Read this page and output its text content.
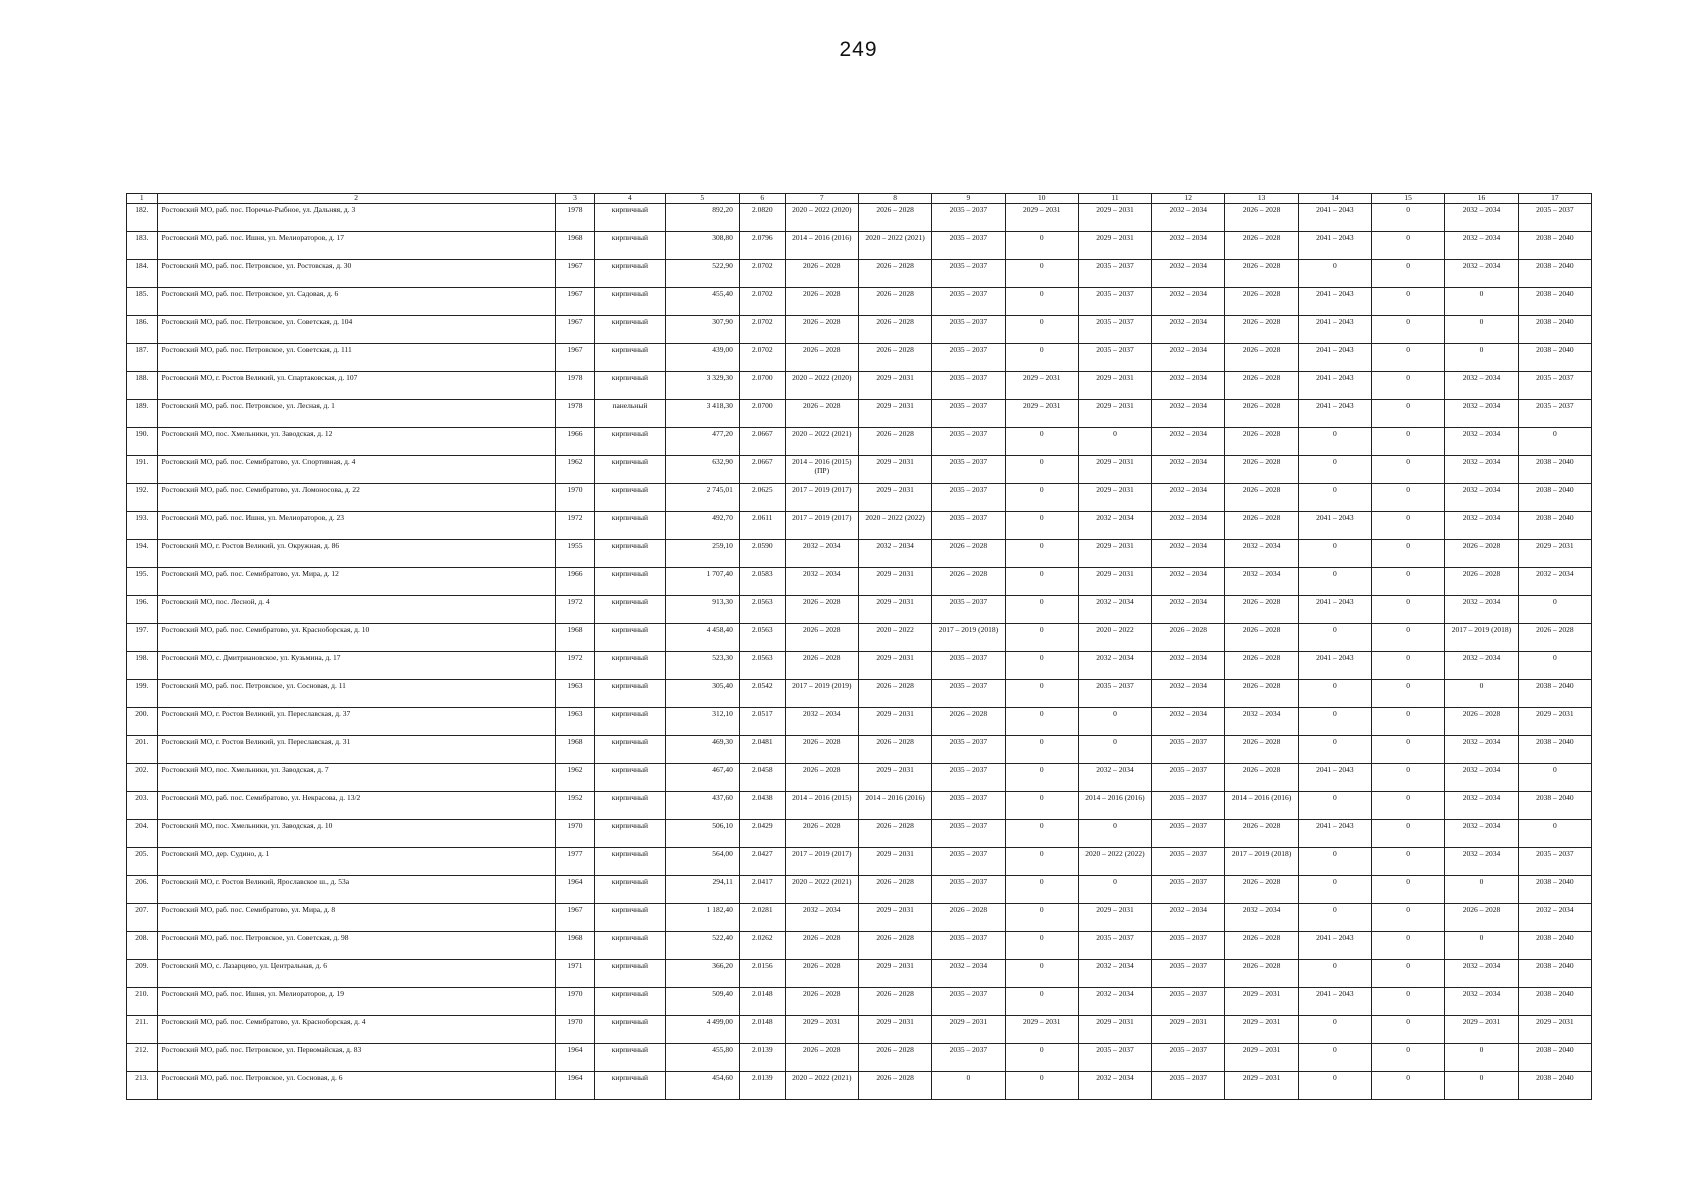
249
1	2	3	4	5	6	7	8	9	10	11	12	13	14	15	16	17

182.	Ростовский МО, раб. пос. Поречье-Рыбное, ул. Дальняя, д. 3	1978	кирпичный	892,20	2.0820	2020 – 2022 (2020)	2026 – 2028	2035 – 2037	2029 – 2031	2029 – 2031	2032 – 2034	2026 – 2028	2041 – 2043	0	2032 – 2034	2035 – 2037

183.	Ростовский МО, раб. пос. Ишня, ул. Мелиораторов, д. 17	1968	кирпичный	308,80	2.0796	2014 – 2016 (2016)	2020 – 2022 (2021)	2035 – 2037	0	2029 – 2031	2032 – 2034	2026 – 2028	2041 – 2043	0	2032 – 2034	2038 – 2040

184.	Ростовский МО, раб. пос. Петровское, ул. Ростовская, д. 30	1967	кирпичный	522,90	2.0702	2026 – 2028	2026 – 2028	2035 – 2037	0	2035 – 2037	2032 – 2034	2026 – 2028	0	0	2032 – 2034	2038 – 2040

185.	Ростовский МО, раб. пос. Петровское, ул. Садовая, д. 6	1967	кирпичный	455,40	2.0702	2026 – 2028	2026 – 2028	2035 – 2037	0	2035 – 2037	2032 – 2034	2026 – 2028	2041 – 2043	0	0	2038 – 2040

186.	Ростовский МО, раб. пос. Петровское, ул. Советская, д. 104	1967	кирпичный	307,90	2.0702	2026 – 2028	2026 – 2028	2035 – 2037	0	2035 – 2037	2032 – 2034	2026 – 2028	2041 – 2043	0	0	2038 – 2040

187.	Ростовский МО, раб. пос. Петровское, ул. Советская, д. 111	1967	кирпичный	439,00	2.0702	2026 – 2028	2026 – 2028	2035 – 2037	0	2035 – 2037	2032 – 2034	2026 – 2028	2041 – 2043	0	0	2038 – 2040

188.	Ростовский МО, г. Ростов Великий, ул. Спартаковская, д. 107	1978	кирпичный	3 329,30	2.0700	2020 – 2022 (2020)	2029 – 2031	2035 – 2037	2029 – 2031	2029 – 2031	2032 – 2034	2026 – 2028	2041 – 2043	0	2032 – 2034	2035 – 2037

189.	Ростовский МО, раб. пос. Петровское, ул. Лесная, д. 1	1978	панельный	3 418,30	2.0700	2026 – 2028	2029 – 2031	2035 – 2037	2029 – 2031	2029 – 2031	2032 – 2034	2026 – 2028	2041 – 2043	0	2032 – 2034	2035 – 2037

190.	Ростовский МО, пос. Хмельники, ул. Заводская, д. 12	1966	кирпичный	477,20	2.0667	2020 – 2022 (2021)	2026 – 2028	2035 – 2037	0	0	2032 – 2034	2026 – 2028	0	0	2032 – 2034	0

191.	Ростовский МО, раб. пос. Семибратово, ул. Спортивная, д. 4	1962	кирпичный	632,90	2.0667	2014 – 2016 (2015) (ПР)	2029 – 2031	2035 – 2037	0	2029 – 2031	2032 – 2034	2026 – 2028	0	0	2032 – 2034	2038 – 2040

192.	Ростовский МО, раб. пос. Семибратово, ул. Ломоносова, д. 22	1970	кирпичный	2 745,01	2.0625	2017 – 2019 (2017)	2029 – 2031	2035 – 2037	0	2029 – 2031	2032 – 2034	2026 – 2028	0	0	2032 – 2034	2038 – 2040

193.	Ростовский МО, раб. пос. Ишня, ул. Мелиораторов, д. 23	1972	кирпичный	492,70	2.0611	2017 – 2019 (2017)	2020 – 2022 (2022)	2035 – 2037	0	2032 – 2034	2032 – 2034	2026 – 2028	2041 – 2043	0	2032 – 2034	2038 – 2040

194.	Ростовский МО, г. Ростов Великий, ул. Окружная, д. 86	1955	кирпичный	259,10	2.0590	2032 – 2034	2032 – 2034	2026 – 2028	0	2029 – 2031	2032 – 2034	2032 – 2034	0	0	2026 – 2028	2029 – 2031

195.	Ростовский МО, раб. пос. Семибратово, ул. Мира, д. 12	1966	кирпичный	1 707,40	2.0583	2032 – 2034	2029 – 2031	2026 – 2028	0	2029 – 2031	2032 – 2034	2032 – 2034	0	0	2026 – 2028	2032 – 2034

196.	Ростовский МО, пос. Лесной, д. 4	1972	кирпичный	913,30	2.0563	2026 – 2028	2029 – 2031	2035 – 2037	0	2032 – 2034	2032 – 2034	2026 – 2028	2041 – 2043	0	2032 – 2034	0

197.	Ростовский МО, раб. пос. Семибратово, ул. Красноборская, д. 10	1968	кирпичный	4 458,40	2.0563	2026 – 2028	2020 – 2022	2017 – 2019 (2018)	0	2020 – 2022	2026 – 2028	2026 – 2028	0	0	2017 – 2019 (2018)	2026 – 2028

198.	Ростовский МО, с. Дмитриановское, ул. Кузьмина, д. 17	1972	кирпичный	523,30	2.0563	2026 – 2028	2029 – 2031	2035 – 2037	0	2032 – 2034	2032 – 2034	2026 – 2028	2041 – 2043	0	2032 – 2034	0

199.	Ростовский МО, раб. пос. Петровское, ул. Сосновая, д. 11	1963	кирпичный	305,40	2.0542	2017 – 2019 (2019)	2026 – 2028	2035 – 2037	0	2035 – 2037	2032 – 2034	2026 – 2028	0	0	0	2038 – 2040

200.	Ростовский МО, г. Ростов Великий, ул. Переславская, д. 37	1963	кирпичный	312,10	2.0517	2032 – 2034	2029 – 2031	2026 – 2028	0	0	2032 – 2034	2032 – 2034	0	0	2026 – 2028	2029 – 2031

201.	Ростовский МО, г. Ростов Великий, ул. Переславская, д. 31	1968	кирпичный	469,30	2.0481	2026 – 2028	2026 – 2028	2035 – 2037	0	0	2035 – 2037	2026 – 2028	0	0	2032 – 2034	2038 – 2040

202.	Ростовский МО, пос. Хмельники, ул. Заводская, д. 7	1962	кирпичный	467,40	2.0458	2026 – 2028	2029 – 2031	2035 – 2037	0	2032 – 2034	2035 – 2037	2026 – 2028	2041 – 2043	0	2032 – 2034	0

203.	Ростовский МО, раб. пос. Семибратово, ул. Некрасова, д. 13/2	1952	кирпичный	437,60	2.0438	2014 – 2016 (2015)	2014 – 2016 (2016)	2035 – 2037	0	2014 – 2016 (2016)	2035 – 2037	2014 – 2016 (2016)	0	0	2032 – 2034	2038 – 2040

204.	Ростовский МО, пос. Хмельники, ул. Заводская, д. 10	1970	кирпичный	506,10	2.0429	2026 – 2028	2026 – 2028	2035 – 2037	0	0	2035 – 2037	2026 – 2028	2041 – 2043	0	2032 – 2034	0

205.	Ростовский МО, дер. Судино, д. 1	1977	кирпичный	564,00	2.0427	2017 – 2019 (2017)	2029 – 2031	2035 – 2037	0	2020 – 2022 (2022)	2035 – 2037	2017 – 2019 (2018)	0	0	2032 – 2034	2035 – 2037

206.	Ростовский МО, г. Ростов Великий, Ярославское ш., д. 53а	1964	кирпичный	294,11	2.0417	2020 – 2022 (2021)	2026 – 2028	2035 – 2037	0	0	2035 – 2037	2026 – 2028	0	0	0	2038 – 2040

207.	Ростовский МО, раб. пос. Семибратово, ул. Мира, д. 8	1967	кирпичный	1 182,40	2.0281	2032 – 2034	2029 – 2031	2026 – 2028	0	2029 – 2031	2032 – 2034	2032 – 2034	0	0	2026 – 2028	2032 – 2034

208.	Ростовский МО, раб. пос. Петровское, ул. Советская, д. 98	1968	кирпичный	522,40	2.0262	2026 – 2028	2026 – 2028	2035 – 2037	0	2035 – 2037	2035 – 2037	2026 – 2028	2041 – 2043	0	0	2038 – 2040

209.	Ростовский МО, с. Лазарцево, ул. Центральная, д. 6	1971	кирпичный	366,20	2.0156	2026 – 2028	2029 – 2031	2032 – 2034	0	2032 – 2034	2035 – 2037	2026 – 2028	0	0	2032 – 2034	2038 – 2040

210.	Ростовский МО, раб. пос. Ишня, ул. Мелиораторов, д. 19	1970	кирпичный	509,40	2.0148	2026 – 2028	2026 – 2028	2035 – 2037	0	2032 – 2034	2035 – 2037	2029 – 2031	2041 – 2043	0	2032 – 2034	2038 – 2040

211.	Ростовский МО, раб. пос. Семибратово, ул. Красноборская, д. 4	1970	кирпичный	4 499,00	2.0148	2029 – 2031	2029 – 2031	2029 – 2031	2029 – 2031	2029 – 2031	2029 – 2031	2029 – 2031	0	0	2029 – 2031	2029 – 2031

212.	Ростовский МО, раб. пос. Петровское, ул. Первомайская, д. 83	1964	кирпичный	455,80	2.0139	2026 – 2028	2026 – 2028	2035 – 2037	0	2035 – 2037	2035 – 2037	2029 – 2031	0	0	0	2038 – 2040

213.	Ростовский МО, раб. пос. Петровское, ул. Сосновая, д. 6	1964	кирпичный	454,60	2.0139	2020 – 2022 (2021)	2026 – 2028	0	0	2032 – 2034	2035 – 2037	2029 – 2031	0	0	0	2038 – 2040
